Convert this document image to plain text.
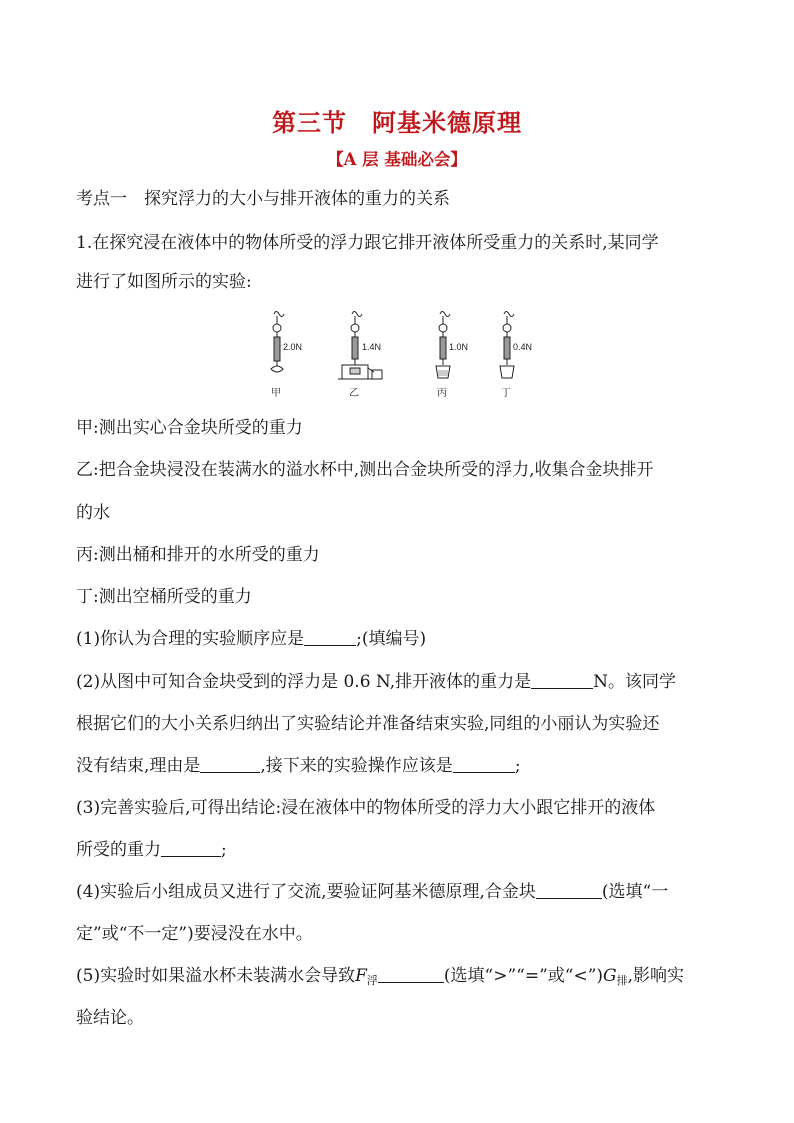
第三节　阿基米德原理
【A 层 基础必会】
考点一　探究浮力的大小与排开液体的重力的关系
1.在探究浸在液体中的物体所受的浮力跟它排开液体所受重力的关系时,某同学
进行了如图所示的实验:
2.0N
甲
1.4N
乙
1.0N
丙
0.4N
丁
甲:测出实心合金块所受的重力
乙:把合金块浸没在装满水的溢水杯中,测出合金块所受的浮力,收集合金块排开
的水
丙:测出桶和排开的水所受的重力
丁:测出空桶所受的重力
(1)你认为合理的实验顺序应是	;(填编号)
(2)从图中可知合金块受到的浮力是 0.6 N,排开液体的重力是	N。该同学
根据它们的大小关系归纳出了实验结论并准备结束实验,同组的小丽认为实验还
没有结束,理由是	,接下来的实验操作应该是	;
(3)完善实验后,可得出结论:浸在液体中的物体所受的浮力大小跟它排开的液体
所受的重力	;
(4)实验后小组成员又进行了交流,要验证阿基米德原理,合金块	(选填“一
定”或“不一定”)要浸没在水中。
(5)实验时如果溢水杯未装满水会导致$F_浮$	(选填“>”“=”或“$<”)G_排$,影响实
验结论。
